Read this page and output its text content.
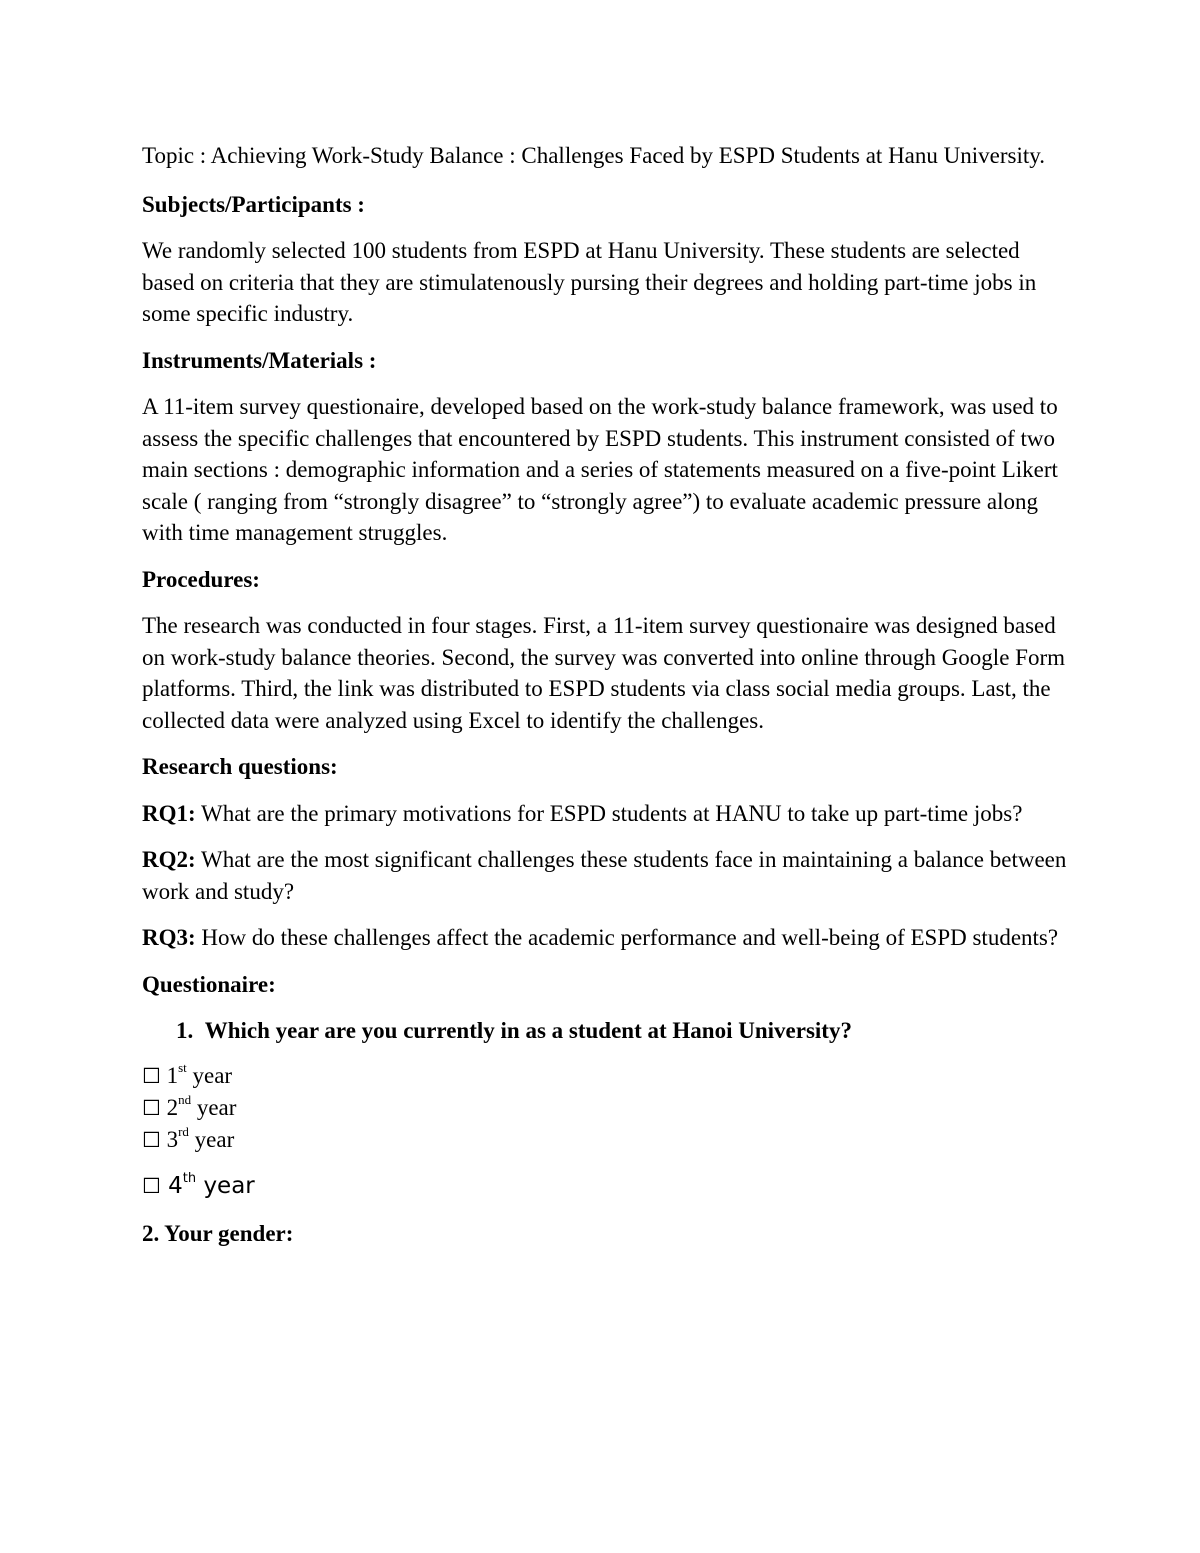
Topic : Achieving Work-Study Balance : Challenges Faced by ESPD Students at Hanu University.

Subjects/Participants :

We randomly selected 100 students from ESPD at Hanu University. These students are selected based on criteria that they are stimulatenously pursing their degrees and holding part-time jobs in some specific industry.

Instruments/Materials :

A 11-item survey questionaire, developed based on the work-study balance framework, was used to assess the specific challenges that encountered by ESPD students. This instrument consisted of two main sections : demographic information and a series of statements measured on a five-point Likert scale ( ranging from “strongly disagree” to “strongly agree”) to evaluate academic pressure along with time management struggles.

Procedures:

The research was conducted in four stages. First, a 11-item survey questionaire was designed based on work-study balance theories. Second, the survey was converted into online through Google Form platforms. Third, the link was distributed to ESPD students via class social media groups. Last, the collected data were analyzed using Excel to identify the challenges.

Research questions:

RQ1: What are the primary motivations for ESPD students at HANU to take up part-time jobs?

RQ2: What are the most significant challenges these students face in maintaining a balance between work and study?

RQ3: How do these challenges affect the academic performance and well-being of ESPD students?

Questionaire:

1. Which year are you currently in as a student at Hanoi University?

☐ 1st year
☐ 2nd year
☐ 3rd year
☐ 4th year

2. Your gender:
